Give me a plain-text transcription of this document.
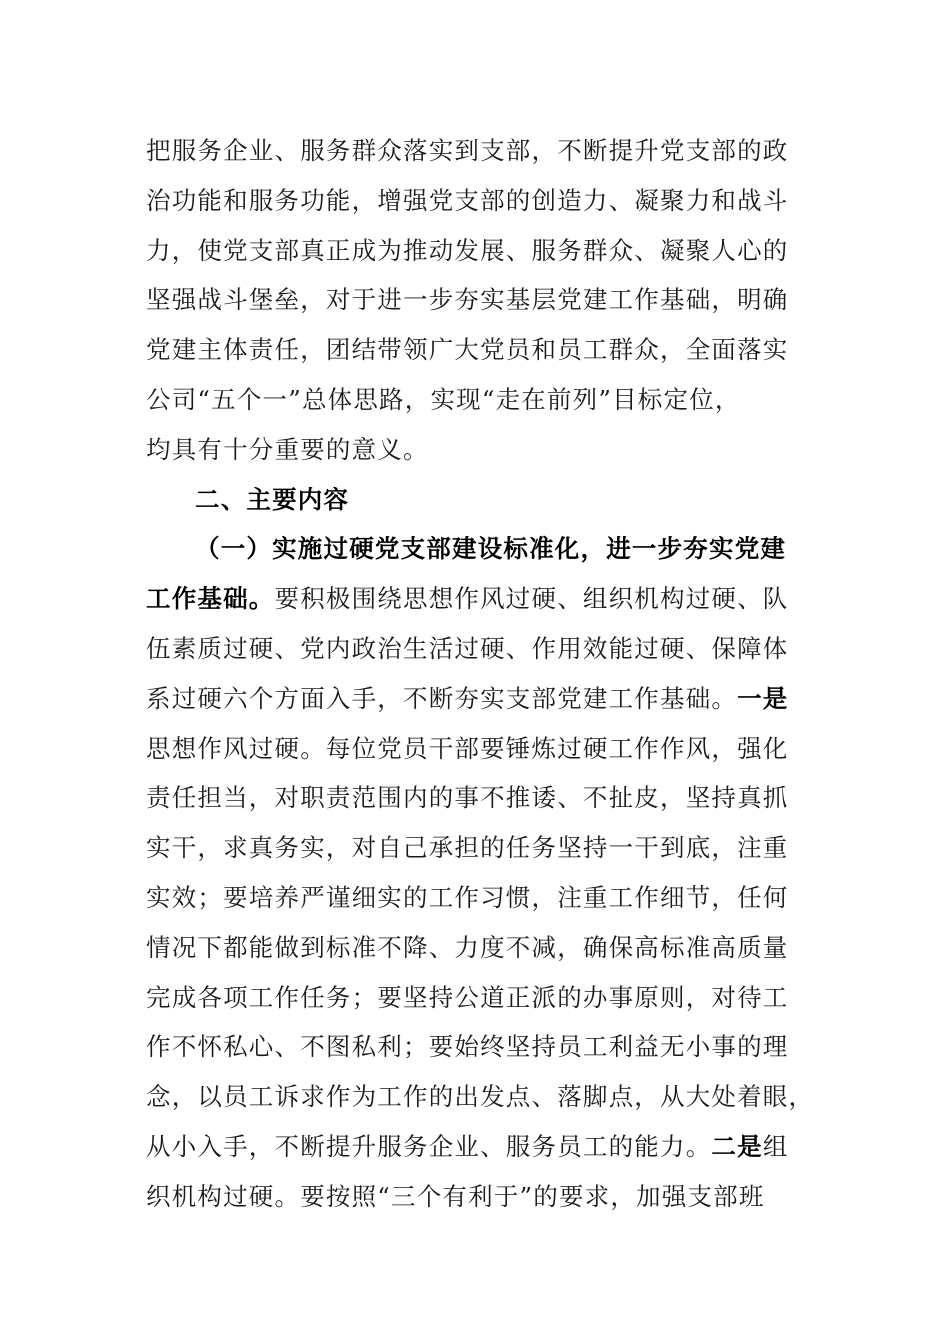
把服务企业、服务群众落实到支部，不断提升党支部的政
治功能和服务功能，增强党支部的创造力、凝聚力和战斗
力，使党支部真正成为推动发展、服务群众、凝聚人心的
坚强战斗堡垒，对于进一步夯实基层党建工作基础，明确
党建主体责任，团结带领广大党员和员工群众，全面落实
公司“五个一”总体思路，实现“走在前列”目标定位，
均具有十分重要的意义。
二、主要内容
（一）实施过硬党支部建设标准化，进一步夯实党建
工作基础。要积极围绕思想作风过硬、组织机构过硬、队
伍素质过硬、党内政治生活过硬、作用效能过硬、保障体
系过硬六个方面入手，不断夯实支部党建工作基础。一是
思想作风过硬。每位党员干部要锤炼过硬工作作风，强化
责任担当，对职责范围内的事不推诿、不扯皮，坚持真抓
实干，求真务实，对自己承担的任务坚持一干到底，注重
实效；要培养严谨细实的工作习惯，注重工作细节，任何
情况下都能做到标准不降、力度不减，确保高标准高质量
完成各项工作任务；要坚持公道正派的办事原则，对待工
作不怀私心、不图私利；要始终坚持员工利益无小事的理
念，以员工诉求作为工作的出发点、落脚点，从大处着眼，
从小入手，不断提升服务企业、服务员工的能力。二是组
织机构过硬。要按照“三个有利于”的要求，加强支部班
